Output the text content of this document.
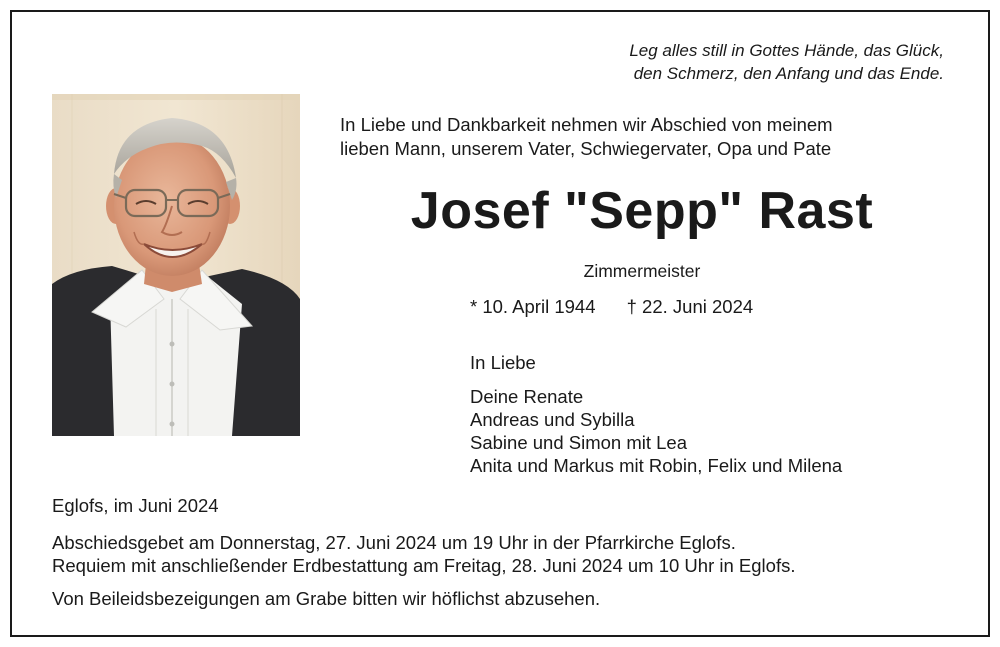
Leg alles still in Gottes Hände, das Glück,
den Schmerz, den Anfang und das Ende.
In Liebe und Dankbarkeit nehmen wir Abschied von meinem
lieben Mann, unserem Vater, Schwiegervater, Opa und Pate
Josef "Sepp" Rast
Zimmermeister
* 10. April 1944 † 22. Juni 2024
In Liebe
Deine Renate
Andreas und Sybilla
Sabine und Simon mit Lea
Anita und Markus mit Robin, Felix und Milena
Eglofs, im Juni 2024
Abschiedsgebet am Donnerstag, 27. Juni 2024 um 19 Uhr in der Pfarrkirche Eglofs.
Requiem mit anschließender Erdbestattung am Freitag, 28. Juni 2024 um 10 Uhr in Eglofs.
Von Beileidsbezeigungen am Grabe bitten wir höflichst abzusehen.
